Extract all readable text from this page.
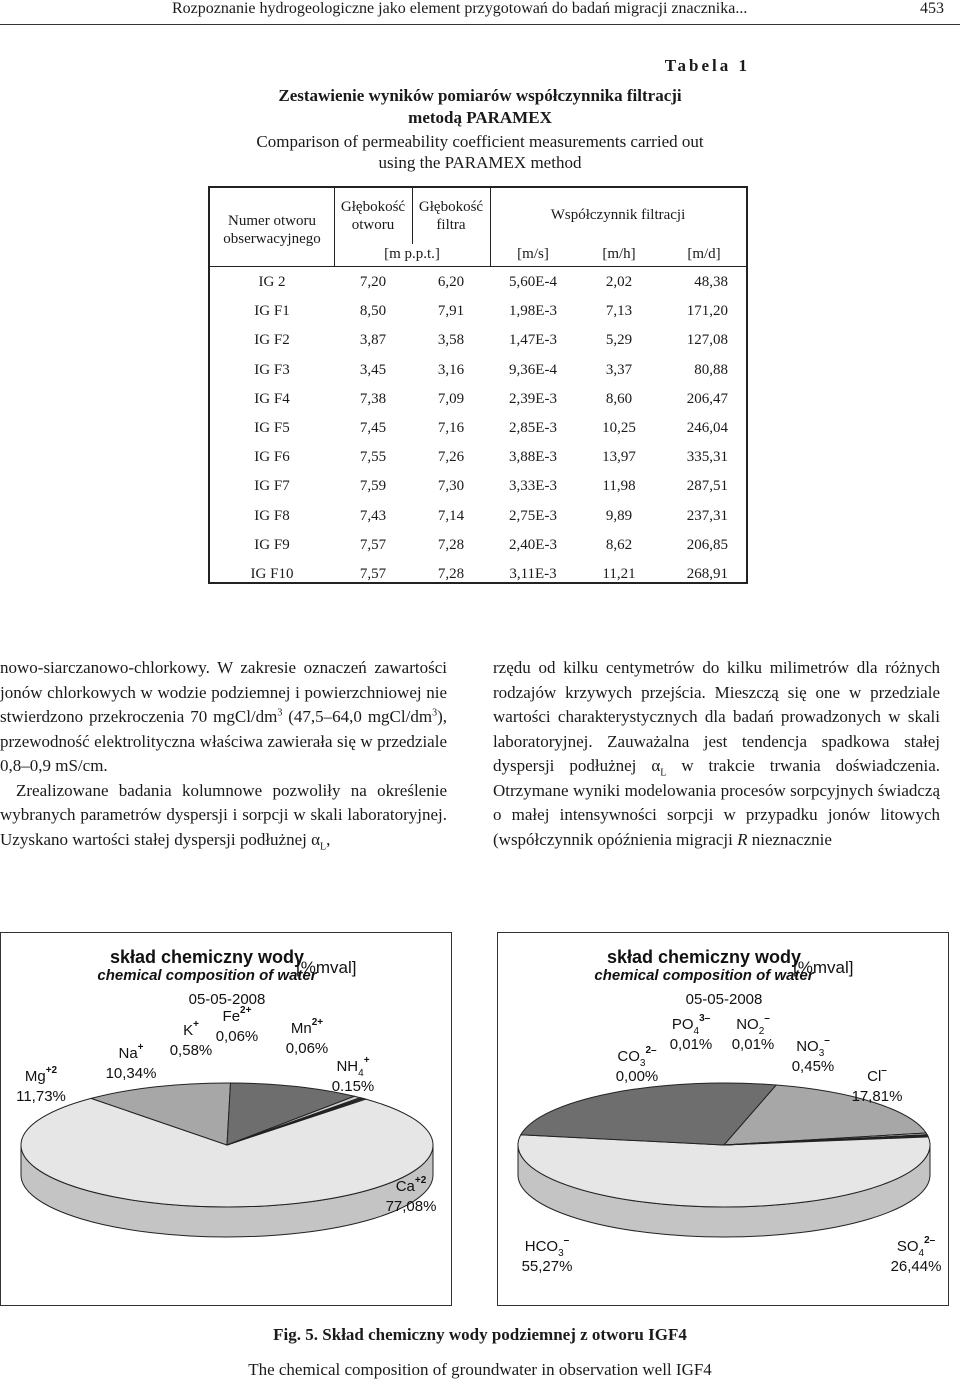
Rozpoznanie hydrogeologiczne jako element przygotowań do badań migracji znacznika...	453
Tabela 1
Zestawienie wyników pomiarów współczynnika filtracji
metodą PARAMEX
Comparison of permeability coefficient measurements carried out
using the PARAMEX method
Numer otworu obserwacyjnego
Głębokość otworu
Głębokość filtra
Współczynnik filtracji
[m p.p.t.]	[m/s]	[m/h]	[m/d]
IG 2	7,20	6,20	5,60E-4	2,02	48,38
IG F1	8,50	7,91	1,98E-3	7,13	171,20
IG F2	3,87	3,58	1,47E-3	5,29	127,08
IG F3	3,45	3,16	9,36E-4	3,37	80,88
IG F4	7,38	7,09	2,39E-3	8,60	206,47
IG F5	7,45	7,16	2,85E-3	10,25	246,04
IG F6	7,55	7,26	3,88E-3	13,97	335,31
IG F7	7,59	7,30	3,33E-3	11,98	287,51
IG F8	7,43	7,14	2,75E-3	9,89	237,31
IG F9	7,57	7,28	2,40E-3	8,62	206,85
IG F10	7,57	7,28	3,11E-3	11,21	268,91

nowo-siarczanowo-chlorkowy. W zakresie oznaczeń zawartości jonów chlorkowych w wodzie podziemnej i powierzchniowej nie stwierdzono przekroczenia 70 mgCl/$dm^3$ (47,5–64,0 mgCl/$dm^3$), przewodność elektrolityczna właściwa zawierała się w przedziale 0,8–0,9 mS/cm.

Zrealizowane badania kolumnowe pozwoliły na określenie wybranych parametrów dyspersji i sorpcji w skali laboratoryjnej. Uzyskano wartości stałej dyspersji podłużnej $\alpha_L$,

rzędu od kilku centymetrów do kilku milimetrów dla różnych rodzajów krzywych przejścia. Mieszczą się one w przedziale wartości charakterystycznych dla badań prowadzonych w skali laboratoryjnej. Zauważalna jest tendencja spadkowa stałej dyspersji podłużnej $\alpha_L$ w trakcie trwania doświadczenia. Otrzymane wyniki modelowania procesów sorpcyjnych świadczą o małej intensywności sorpcji w przypadku jonów litowych (współczynnik opóźnienia migracji R nieznacznie

skład chemiczny wody
chemical composition of water
[%mval]
05-05-2008
$Ca^{+2}$
77,08%
$Mg^{+2}$
11,73%
Na+
10,34%
K+
0,58%
$Fe^{2+}$
0,06% $Mn^{2+}$
0,06%
$NH_4^+$
0.15%
skład chemiczny wody
chemical composition of water
[%mval]
05-05-2008
$HCO_3^-$
55,27%
$SO_4^{2-}$
26,44%
Cl–
17,81%
$NO_3^-$
0,45%
$NO_2^-$
0,01%
$PO_4^{3-}$
0,01%
$CO_3^{2-}$
0,00%
Fig. 5. Skład chemiczny wody podziemnej z otworu IGF4
The chemical composition of groundwater in observation well IGF4
